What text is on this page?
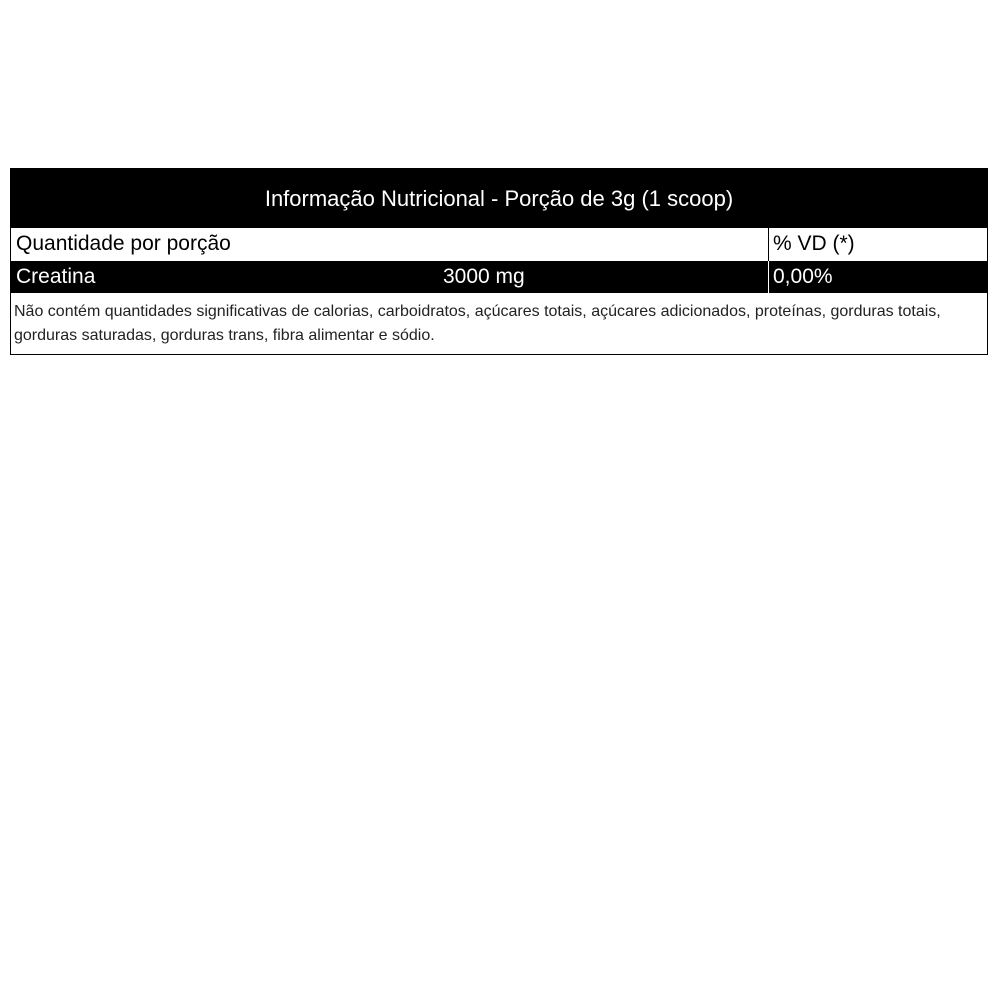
Informação Nutricional - Porção de 3g (1 scoop)
Quantidade por porção	% VD (*)
Creatina	3000 mg	0,00%
Não contém quantidades significativas de calorias, carboidratos, açúcares totais, açúcares adicionados, proteínas, gorduras totais, gorduras saturadas, gorduras trans, fibra alimentar e sódio.
